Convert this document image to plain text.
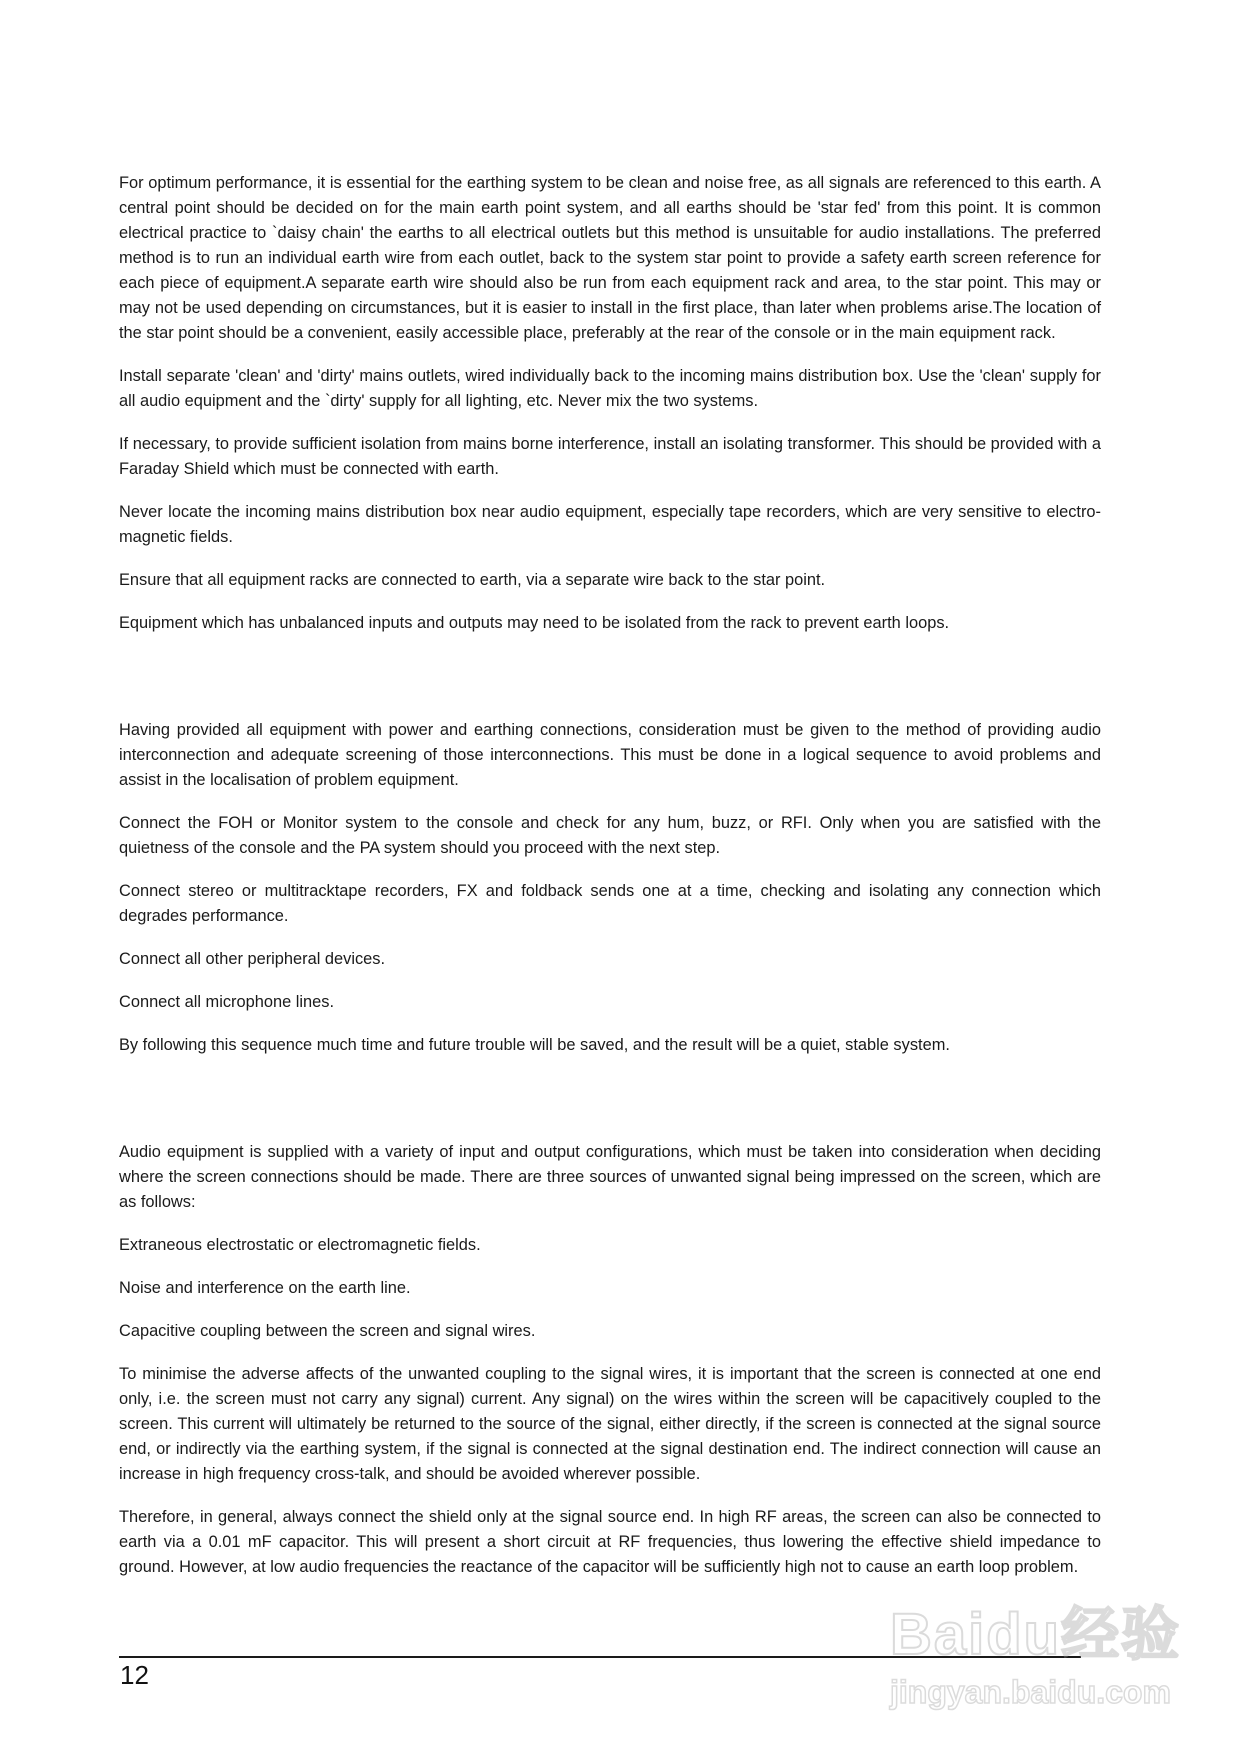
For optimum performance, it is essential for the earthing system to be clean and noise free, as all signals are referenced to this earth. A central point should be decided on for the main earth point system, and all earths should be 'star fed' from this point. It is common electrical practice to `daisy chain' the earths to all electrical outlets but this method is unsuitable for audio installations. The preferred method is to run an individual earth wire from each outlet, back to the system star point to provide a safety earth screen reference for each piece of equipment.A separate earth wire should also be run from each equipment rack and area, to the star point. This may or may not be used depending on circumstances, but it is easier to install in the first place, than later when problems arise.The location of the star point should be a convenient, easily accessible place, preferably at the rear of the console or in the main equipment rack.

Install separate 'clean' and 'dirty' mains outlets, wired individually back to the incoming mains distribution box. Use the 'clean' supply for all audio equipment and the `dirty' supply for all lighting, etc. Never mix the two systems.

If necessary, to provide sufficient isolation from mains borne interference, install an isolating transformer. This should be provided with a Faraday Shield which must be connected with earth.

Never locate the incoming mains distribution box near audio equipment, especially tape recorders, which are very sensitive to electro-magnetic fields.

Ensure that all equipment racks are connected to earth, via a separate wire back to the star point.

Equipment which has unbalanced inputs and outputs may need to be isolated from the rack to prevent earth loops.

Having provided all equipment with power and earthing connections, consideration must be given to the method of providing audio interconnection and adequate screening of those interconnections. This must be done in a logical sequence to avoid problems and assist in the localisation of problem equipment.

Connect the FOH or Monitor system to the console and check for any hum, buzz, or RFI. Only when you are satisfied with the quietness of the console and the PA system should you proceed with the next step.

Connect stereo or multitracktape recorders, FX and foldback sends one at a time, checking and isolating any connection which degrades performance.

Connect all other peripheral devices.

Connect all microphone lines.

By following this sequence much time and future trouble will be saved, and the result will be a quiet, stable system.

Audio equipment is supplied with a variety of input and output configurations, which must be taken into consideration when deciding where the screen connections should be made. There are three sources of unwanted signal being impressed on the screen, which are as follows:

Extraneous electrostatic or electromagnetic fields.

Noise and interference on the earth line.

Capacitive coupling between the screen and signal wires.

To minimise the adverse affects of the unwanted coupling to the signal wires, it is important that the screen is connected at one end only, i.e. the screen must not carry any signal) current. Any signal) on the wires within the screen will be capacitively coupled to the screen. This current will ultimately be returned to the source of the signal, either directly, if the screen is connected at the signal source end, or indirectly via the earthing system, if the signal is connected at the signal destination end. The indirect connection will cause an increase in high frequency cross-talk, and should be avoided wherever possible.

Therefore, in general, always connect the shield only at the signal source end. In high RF areas, the screen can also be connected to earth via a 0.01 mF capacitor. This will present a short circuit at RF frequencies, thus lowering the effective shield impedance to ground. However, at low audio frequencies the reactance of the capacitor will be sufficiently high not to cause an earth loop problem.

12
Baidu经验
jingyan.baidu.com
